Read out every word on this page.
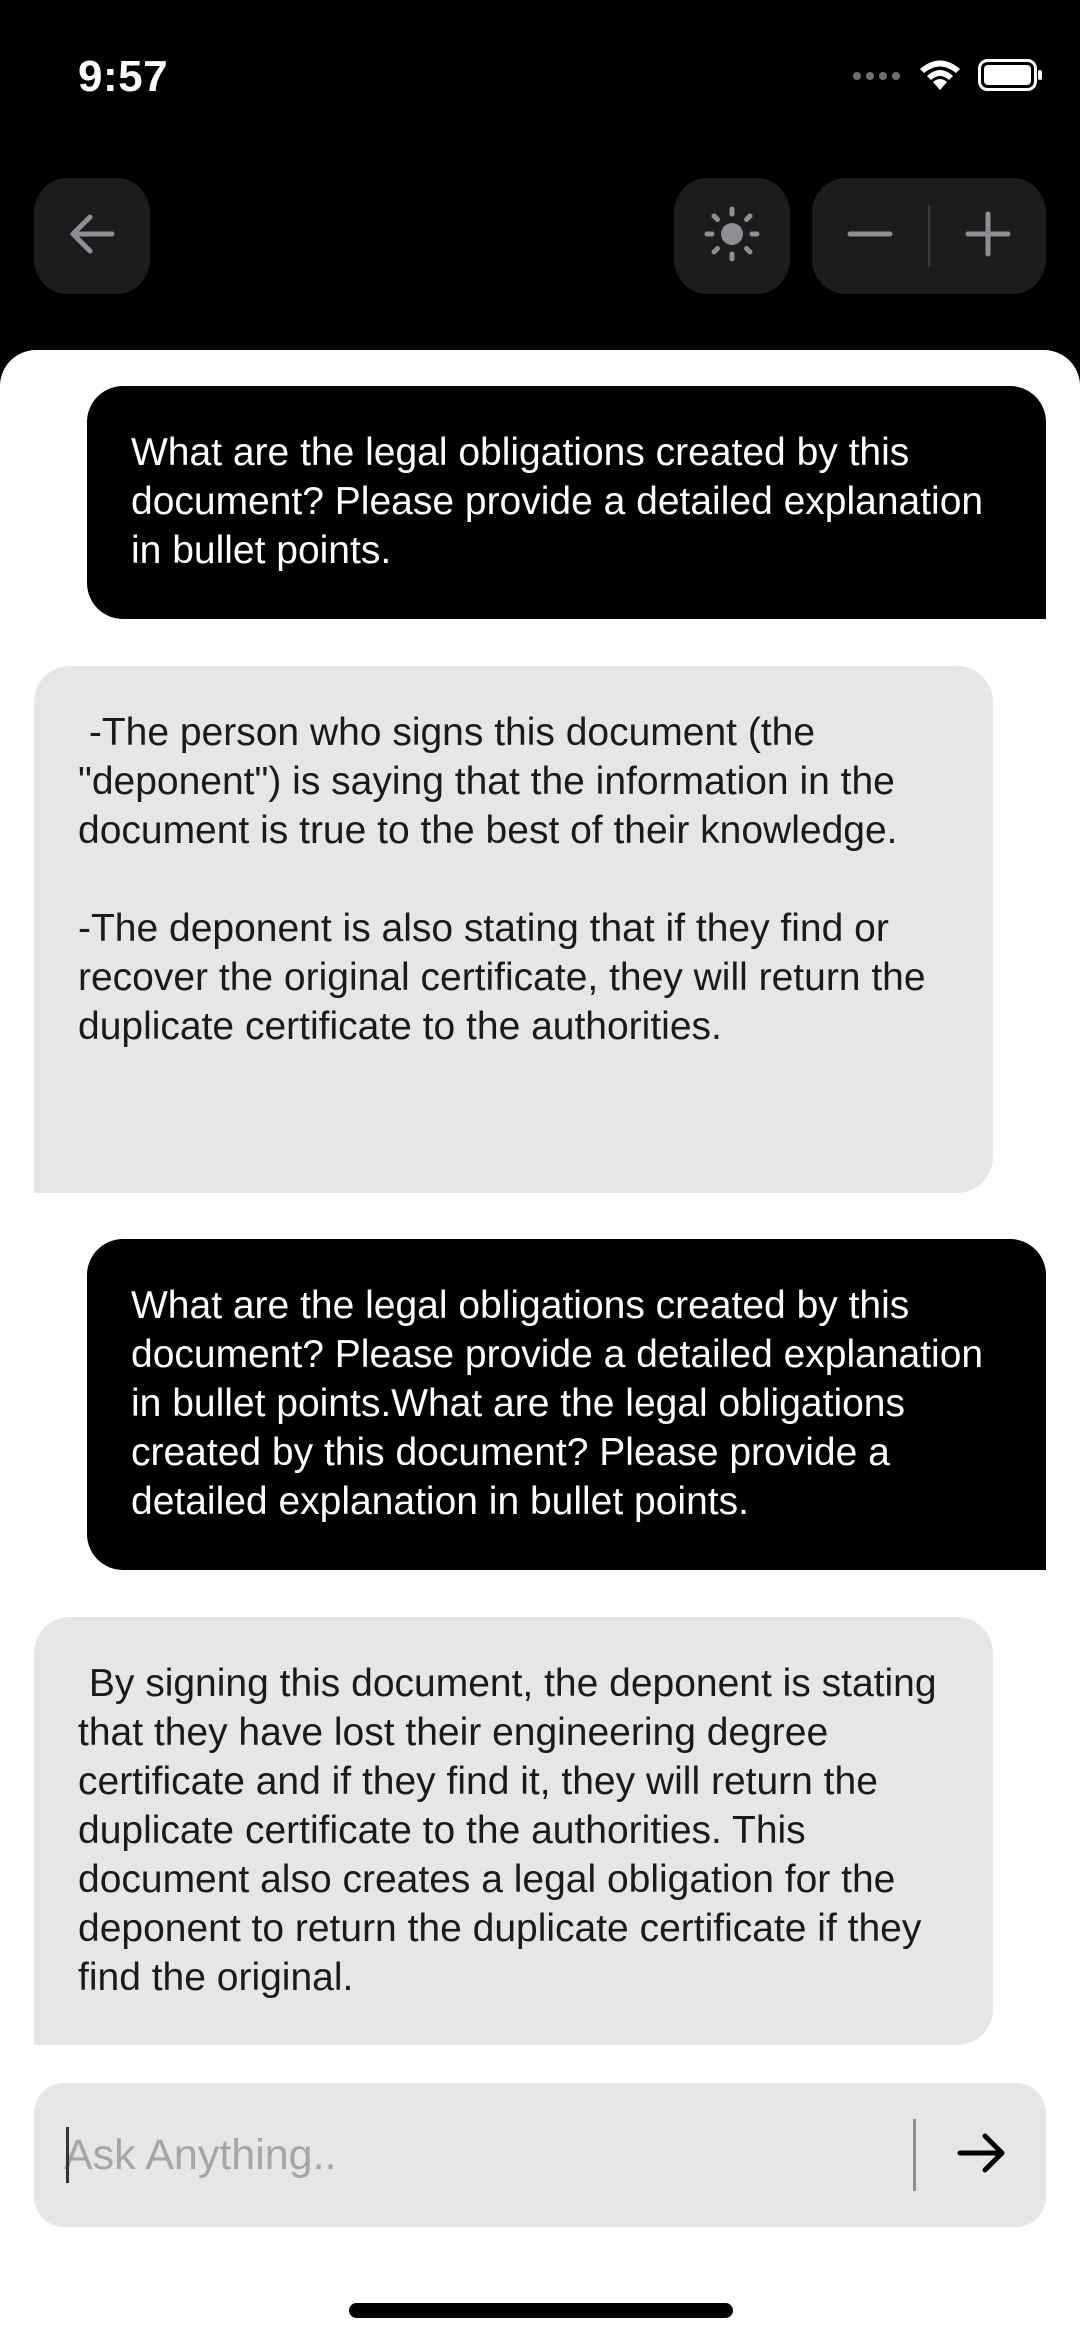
9:57
What are the legal obligations created by this document? Please provide a detailed explanation in bullet points.
-The person who signs this document (the "deponent") is saying that the information in the document is true to the best of their knowledge.

-The deponent is also stating that if they find or recover the original certificate, they will return the duplicate certificate to the authorities.
What are the legal obligations created by this document? Please provide a detailed explanation in bullet points.What are the legal obligations created by this document? Please provide a detailed explanation in bullet points.
By signing this document, the deponent is stating that they have lost their engineering degree certificate and if they find it, they will return the duplicate certificate to the authorities. This document also creates a legal obligation for the deponent to return the duplicate certificate if they find the original.
Ask Anything..
